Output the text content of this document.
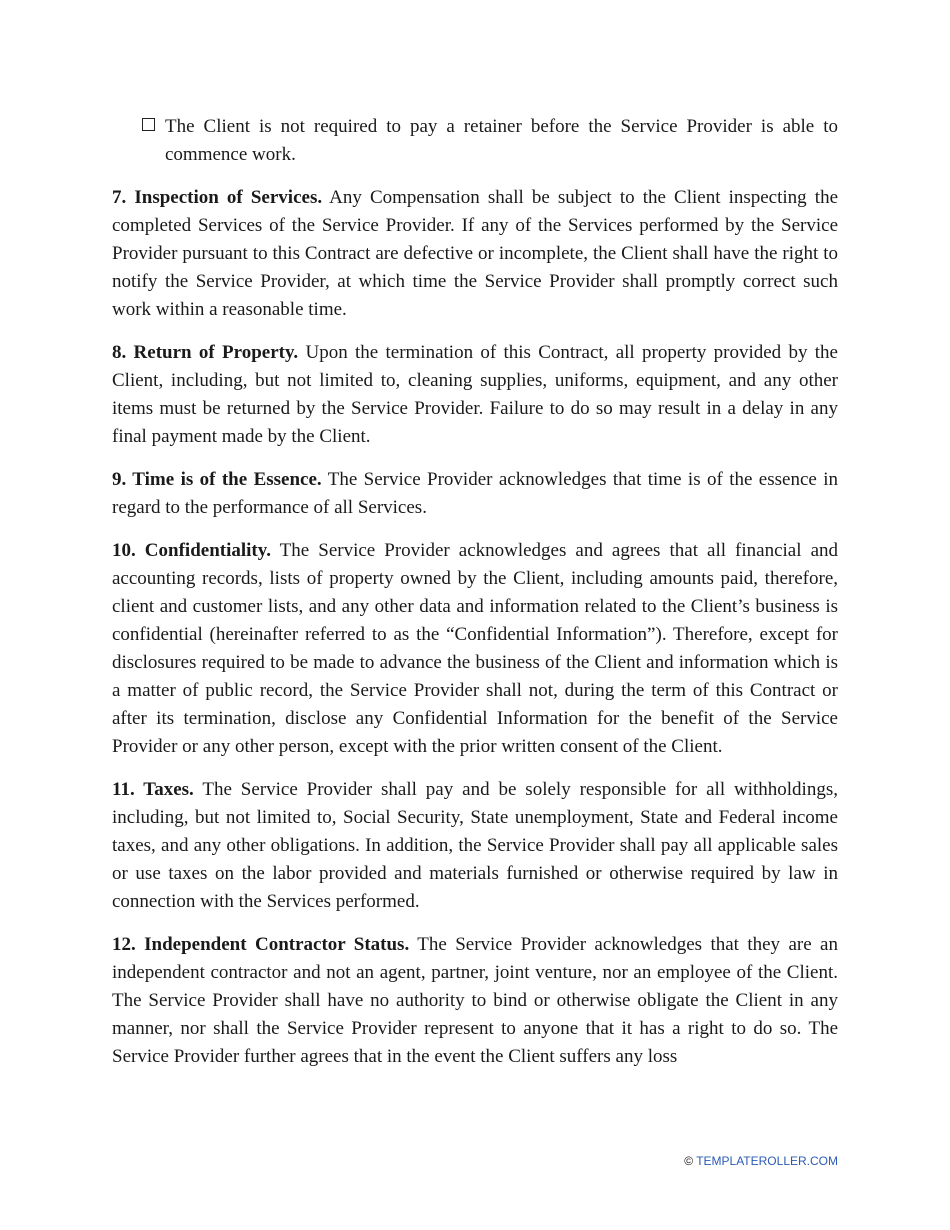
The Client is not required to pay a retainer before the Service Provider is able to commence work.

7. Inspection of Services. Any Compensation shall be subject to the Client inspecting the completed Services of the Service Provider. If any of the Services performed by the Service Provider pursuant to this Contract are defective or incomplete, the Client shall have the right to notify the Service Provider, at which time the Service Provider shall promptly correct such work within a reasonable time.

8. Return of Property. Upon the termination of this Contract, all property provided by the Client, including, but not limited to, cleaning supplies, uniforms, equipment, and any other items must be returned by the Service Provider. Failure to do so may result in a delay in any final payment made by the Client.

9. Time is of the Essence. The Service Provider acknowledges that time is of the essence in regard to the performance of all Services.

10. Confidentiality. The Service Provider acknowledges and agrees that all financial and accounting records, lists of property owned by the Client, including amounts paid, therefore, client and customer lists, and any other data and information related to the Client’s business is confidential (hereinafter referred to as the “Confidential Information”). Therefore, except for disclosures required to be made to advance the business of the Client and information which is a matter of public record, the Service Provider shall not, during the term of this Contract or after its termination, disclose any Confidential Information for the benefit of the Service Provider or any other person, except with the prior written consent of the Client.

11. Taxes. The Service Provider shall pay and be solely responsible for all withholdings, including, but not limited to, Social Security, State unemployment, State and Federal income taxes, and any other obligations. In addition, the Service Provider shall pay all applicable sales or use taxes on the labor provided and materials furnished or otherwise required by law in connection with the Services performed.

12. Independent Contractor Status. The Service Provider acknowledges that they are an independent contractor and not an agent, partner, joint venture, nor an employee of the Client. The Service Provider shall have no authority to bind or otherwise obligate the Client in any manner, nor shall the Service Provider represent to anyone that it has a right to do so. The Service Provider further agrees that in the event the Client suffers any loss

© TEMPLATEROLLER.COM
